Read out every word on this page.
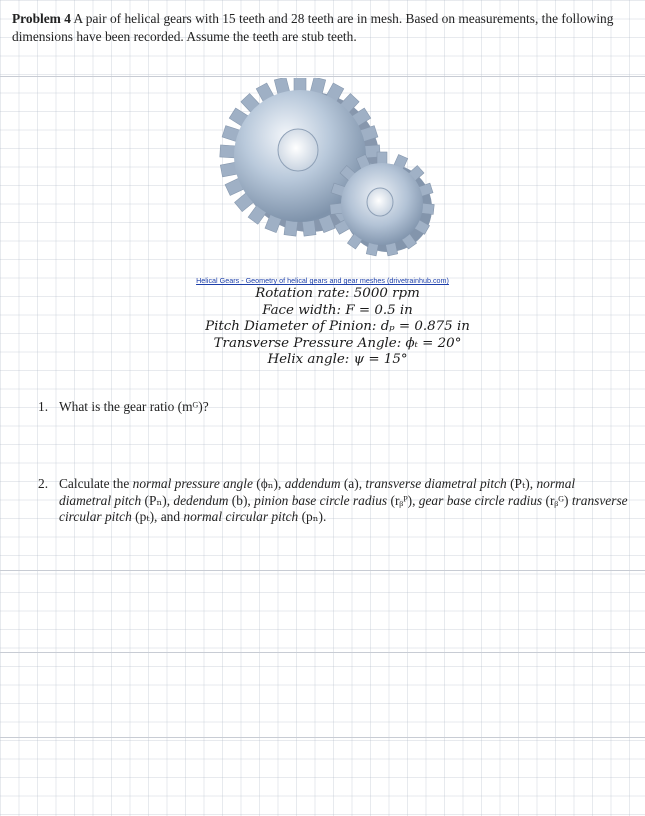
Problem 4 A pair of helical gears with 15 teeth and 28 teeth are in mesh. Based on measurements, the following dimensions have been recorded. Assume the teeth are stub teeth.
Helical Gears - Geometry of helical gears and gear meshes (drivetrainhub.com)
Rotation rate: 5000 rpm
Face width: F = 0.5 in
Pitch Diameter of Pinion: dₚ = 0.875 in
Transverse Pressure Angle: ϕₜ = 20°
Helix angle: ψ = 15°
1. What is the gear ratio (mᴳ)?
2. Calculate the normal pressure angle (ϕₙ), addendum (a), transverse diametral pitch (Pₜ), normal diametral pitch (Pₙ), dedendum (b), pinion base circle radius (rᵦᴾ), gear base circle radius (rᵦᴳ) transverse circular pitch (pₜ), and normal circular pitch (pₙ).
